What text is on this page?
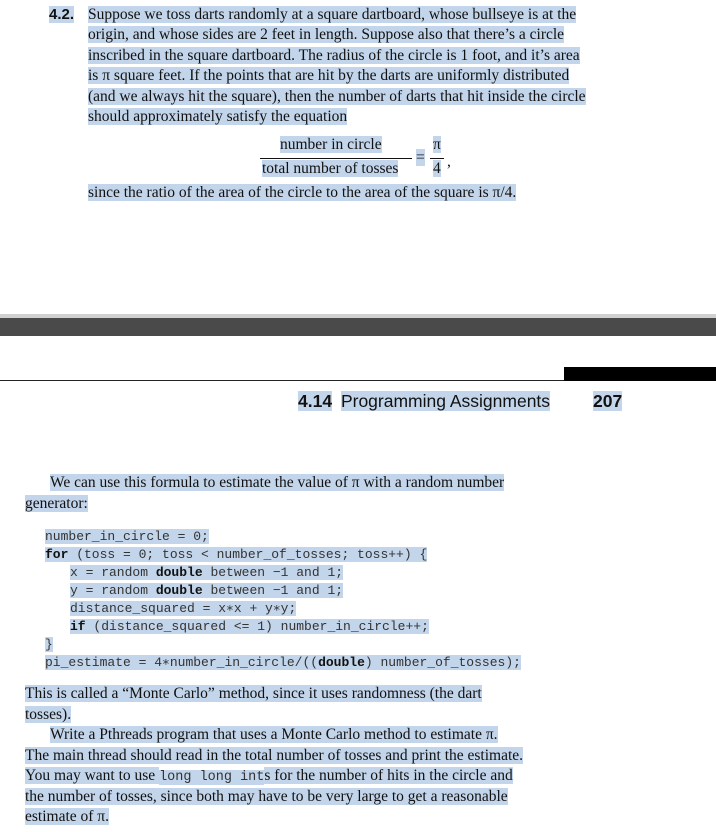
4.2. Suppose we toss darts randomly at a square dartboard, whose bullseye is at the
origin, and whose sides are 2 feet in length. Suppose also that there’s a circle
inscribed in the square dartboard. The radius of the circle is 1 foot, and it’s area
is π square feet. If the points that are hit by the darts are uniformly distributed
(and we always hit the square), then the number of darts that hit inside the circle
should approximately satisfy the equation
number in circle
total number of tosses
=
π
4 ,
since the ratio of the area of the circle to the area of the square is π/4.
4.14 Programming Assignments 207
We can use this formula to estimate the value of π with a random number
generator:
number_in_circle = 0;
for (toss = 0; toss < number_of_tosses; toss++) {
x = random double between −1 and 1;
y = random double between −1 and 1;
distance_squared = x∗x + y∗y;
if (distance_squared <= 1) number_in_circle++;
}
pi_estimate = 4∗number_in_circle/((double) number_of_tosses);
This is called a “Monte Carlo” method, since it uses randomness (the dart
tosses).
Write a Pthreads program that uses a Monte Carlo method to estimate π.
The main thread should read in the total number of tosses and print the estimate.
You may want to use long long ints for the number of hits in the circle and
the number of tosses, since both may have to be very large to get a reasonable
estimate of π.
